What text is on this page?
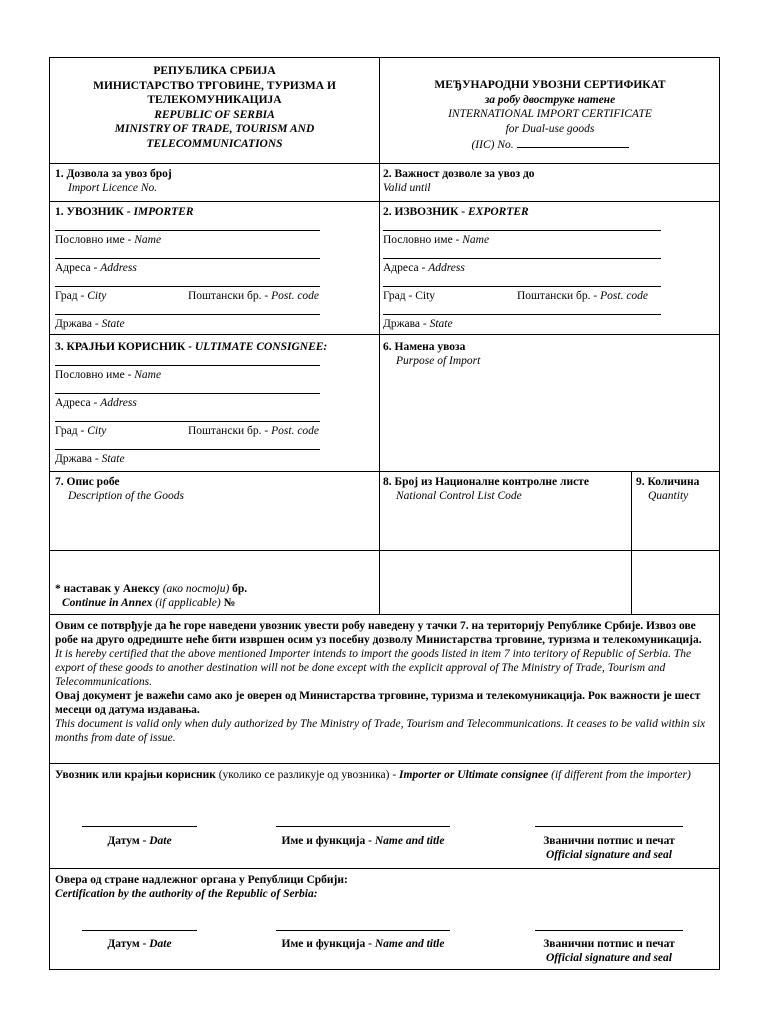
РЕПУБЛИКА СРБИЈА
МИНИСТАРСТВО ТРГОВИНЕ, ТУРИЗМА И
ТЕЛЕКОМУНИКАЦИЈА
REPUBLIC OF SERBIA
MINISTRY OF TRADE, TOURISM AND
TELECOMMUNICATIONS
МЕЂУНАРОДНИ УВОЗНИ СЕРТИФИКАТ
за робу двоструке натене
INTERNATIONAL IMPORT CERTIFICATE
for Dual-use goods
(IIC) No.
1. Дозвола за увоз број
Import Licence No.
2. Важност дозволе за увоз до
Valid until
1. УВОЗНИК - IMPORTER
Пословно име - Name
Адреса - Address
Град - City	Поштански бр. - Post. code
Држава - State
2. ИЗВОЗНИК - EXPORTER
Пословно име - Name
Адреса - Address
Град - City	Поштански бр. - Post. code
Држава - State
3. КРАЈЊИ КОРИСНИК - ULTIMATE CONSIGNEE:
Пословно име - Name
Адреса - Address
Град - City	Поштански бр. - Post. code
Држава - State
6. Намена увоза
Purpose of Import
7. Опис робе
Description of the Goods
8. Број из Националне контролне листе
National Control List Code
9. Количина
Quantity
* наставак у Анексу (ако постоји) бр.
Continue in Annex (if applicable) №
Овим се потврђује да ће горе наведени увозник увести робу наведену у тачки 7. на територију Републике Србије. Извоз ове робе на друго одредиште неће бити извршен осим уз посебну дозволу Министарства трговине, туризма и телекомуникација.
It is hereby certified that the above mentioned Importer intends to import the goods listed in item 7 into teritory of Republic of Serbia. The export of these goods to another destination will not be done except with the explicit approval of The Ministry of Trade, Tourism and Telecommunications.
Овај документ је важећи само ако је оверен од Министарства трговине, туризма и телекомуникација. Рок важности је шест месеци од датума издавања.
This document is valid only when duly authorized by The Ministry of Trade, Tourism and Telecommunications. It ceases to be valid within six months from date of issue.
Увозник или крајњи корисник (уколико се разликује од увозника) - Importer or Ultimate consignee (if different from the importer)
Датум - Date	Име и функција - Name and title	Званични потпис и печат
Official signature and seal
Овера од стране надлежног органа у Републици Србији:
Certification by the authority of the Republic of Serbia:
Датум - Date	Име и функција - Name and title	Званични потпис и печат
Official signature and seal
